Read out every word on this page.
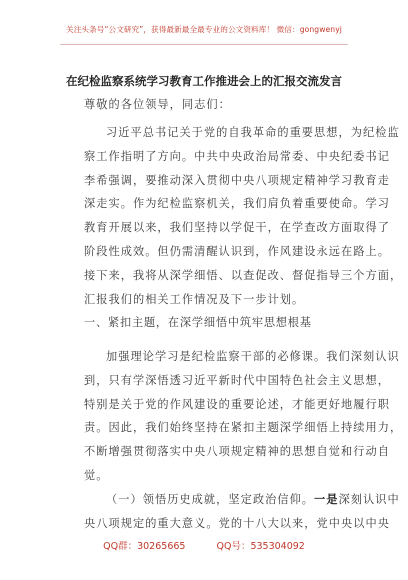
关注头条号“公文研究”，获得最新最全最专业的公文资料库！ 微信：gongwenyj
在纪检监察系统学习教育工作推进会上的汇报交流发言
尊敬的各位领导，同志们：
习近平总书记关于党的自我革命的重要思想，为纪检监
察工作指明了方向。中共中央政治局常委、中央纪委书记
李希强调，要推动深入贯彻中央八项规定精神学习教育走
深走实。作为纪检监察机关，我们肩负着重要使命。学习
教育开展以来，我们坚持以学促干，在学查改方面取得了
阶段性成效。但仍需清醒认识到，作风建设永远在路上。
接下来，我将从深学细悟、以查促改、督促指导三个方面，
汇报我们的相关工作情况及下一步计划。
一、紧扣主题，在深学细悟中筑牢思想根基
加强理论学习是纪检监察干部的必修课。我们深刻认识
到，只有学深悟透习近平新时代中国特色社会主义思想，
特别是关于党的作风建设的重要论述，才能更好地履行职
责。因此，我们始终坚持在紧扣主题深学细悟上持续用力，
不断增强贯彻落实中央八项规定精神的思想自觉和行动自
觉。
（一）领悟历史成就，坚定政治信仰。一是深刻认识中
央八项规定的重大意义。党的十八大以来，党中央以中央
QQ群：30265665	QQ号：535304092
